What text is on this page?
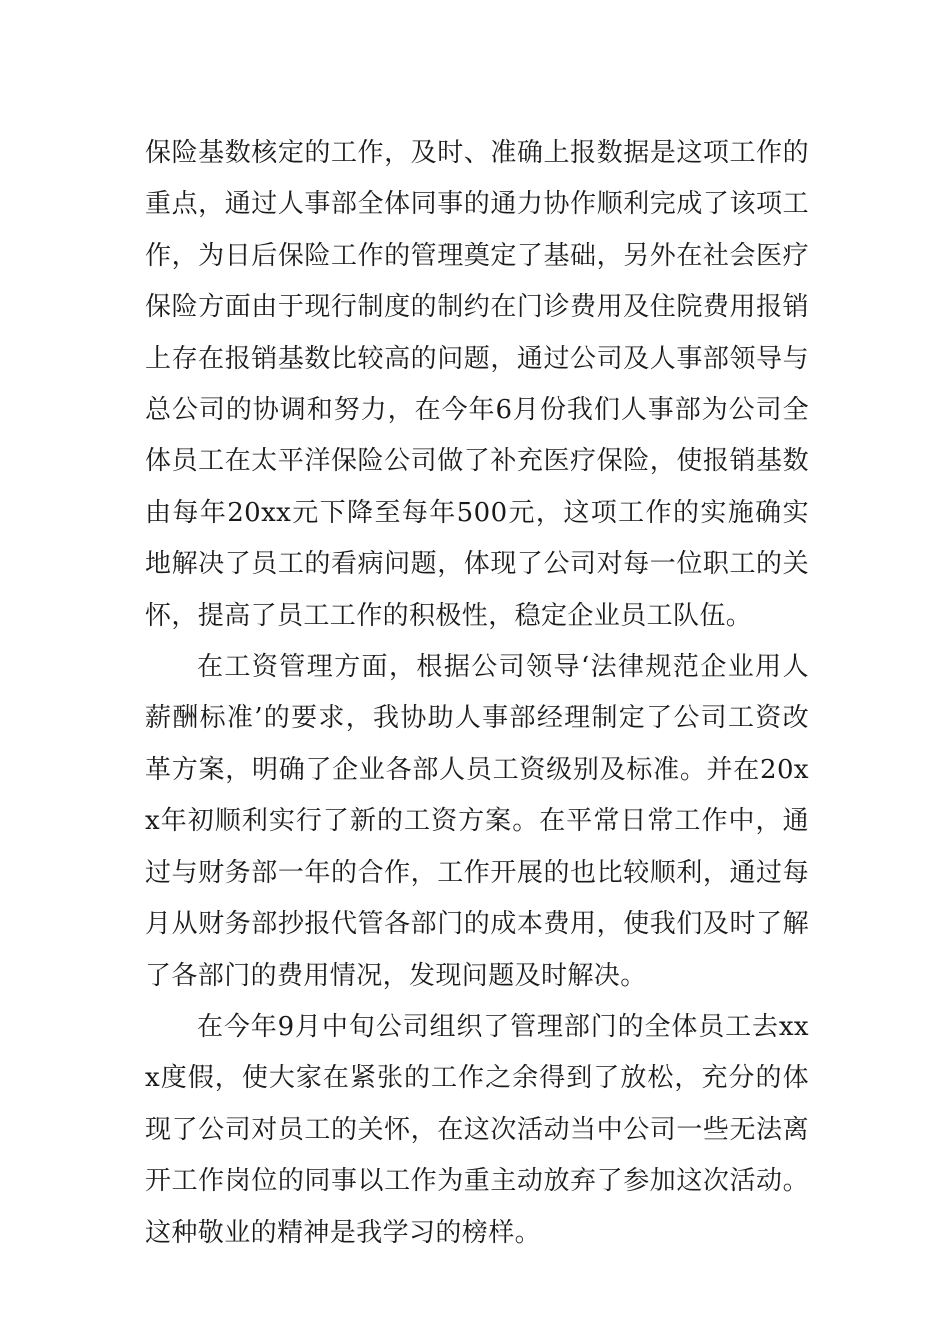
保险基数核定的工作，及时、准确上报数据是这项工作的重点，通过人事部全体同事的通力协作顺利完成了该项工作，为日后保险工作的管理奠定了基础，另外在社会医疗保险方面由于现行制度的制约在门诊费用及住院费用报销上存在报销基数比较高的问题，通过公司及人事部领导与总公司的协调和努力，在今年6月份我们人事部为公司全体员工在太平洋保险公司做了补充医疗保险，使报销基数由每年20xx元下降至每年500元，这项工作的实施确实地解决了员工的看病问题，体现了公司对每一位职工的关怀，提高了员工工作的积极性，稳定企业员工队伍。

在工资管理方面，根据公司领导‘法律规范企业用人薪酬标准’的要求，我协助人事部经理制定了公司工资改革方案，明确了企业各部人员工资级别及标准。并在20xx年初顺利实行了新的工资方案。在平常日常工作中，通过与财务部一年的合作，工作开展的也比较顺利，通过每月从财务部抄报代管各部门的成本费用，使我们及时了解了各部门的费用情况，发现问题及时解决。

在今年9月中旬公司组织了管理部门的全体员工去xxx度假，使大家在紧张的工作之余得到了放松，充分的体现了公司对员工的关怀，在这次活动当中公司一些无法离开工作岗位的同事以工作为重主动放弃了参加这次活动。这种敬业的精神是我学习的榜样。
